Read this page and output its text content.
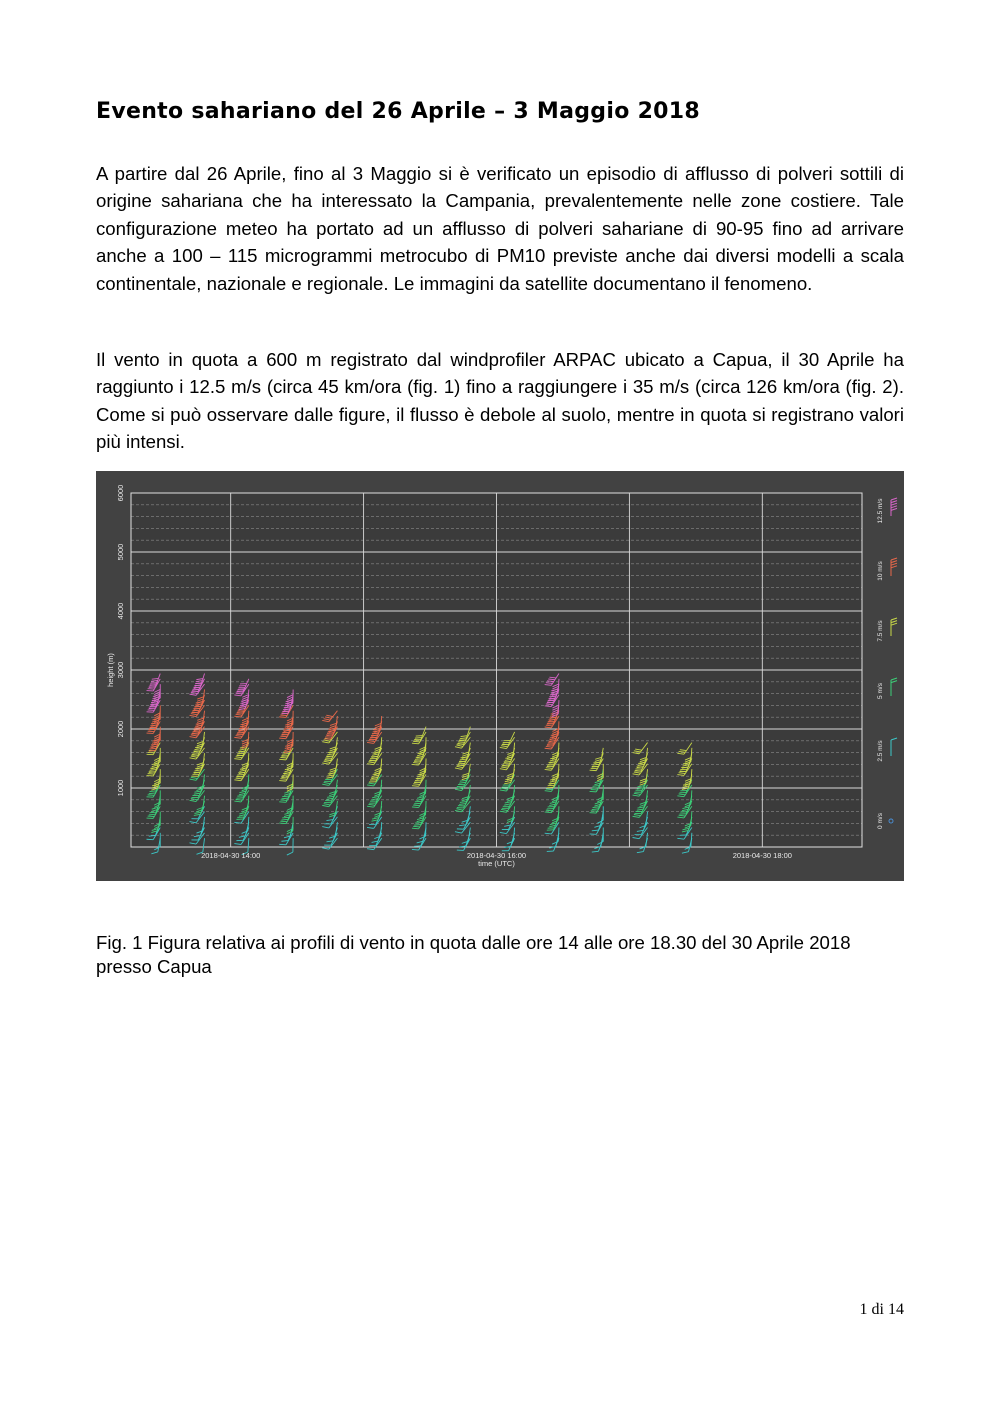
Evento sahariano del 26 Aprile – 3 Maggio 2018

A partire dal 26 Aprile, fino al 3 Maggio si è verificato un episodio di afflusso di polveri sottili di origine sahariana che ha interessato la Campania, prevalentemente nelle zone costiere. Tale configurazione meteo ha portato ad un afflusso di polveri sahariane di 90-95 fino ad arrivare anche a 100 – 115 microgrammi metrocubo di PM10 previste anche dai diversi modelli a scala continentale, nazionale e regionale. Le immagini da satellite documentano il fenomeno.

Il vento in quota a 600 m registrato dal windprofiler ARPAC ubicato a Capua, il 30 Aprile ha raggiunto i 12.5 m/s (circa 45 km/ora (fig. 1) fino a raggiungere i 35 m/s (circa 126 km/ora (fig. 2). Come si può osservare dalle figure, il flusso è debole al suolo, mentre in quota si registrano valori più intensi.

1000
2000
3000
4000
5000
6000
height (m)
2018-04-30 14:00	2018-04-30 16:00	2018-04-30 18:00
time (UTC)
12.5 m/s
10 m/s
7.5 m/s
5 m/s
2.5 m/s
0 m/s

Fig. 1 Figura relativa ai profili di vento in quota dalle ore 14 alle ore 18.30 del 30 Aprile 2018 presso Capua

1 di 14
